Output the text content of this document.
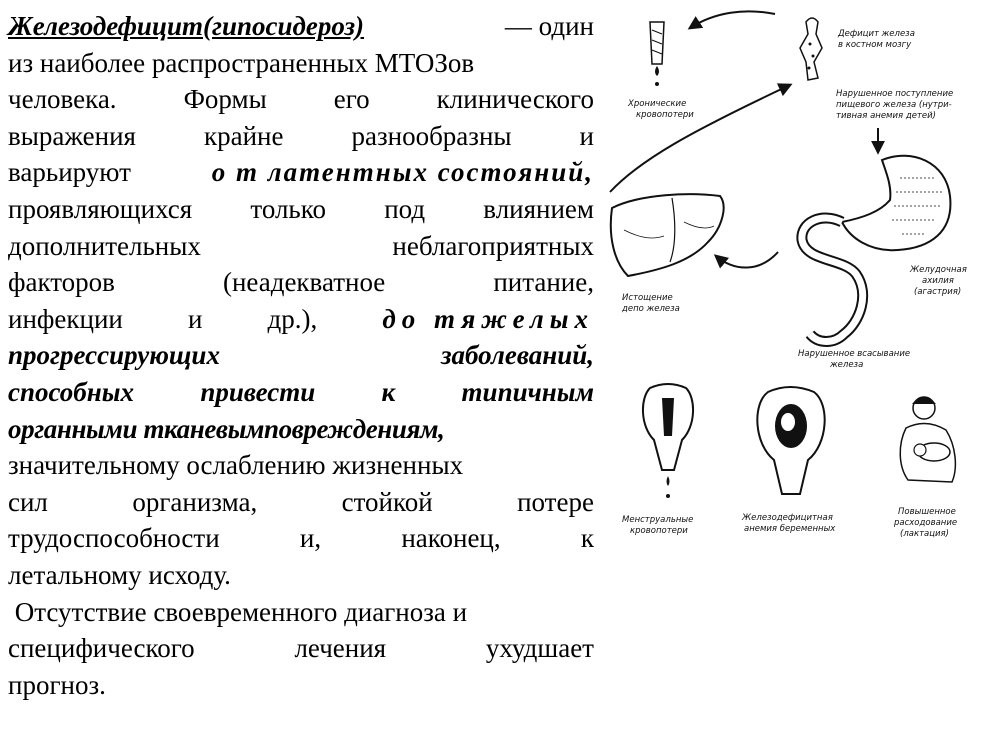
Железодефицит(гипосидероз)	— один
из наиболее распространенных МТОЗов
человека. Формы его клинического
выражения	крайне	разнообразны	и
варьируют	о т латентных состояний,
проявляющихся только под влиянием
дополнительных	неблагоприятных
факторов	(неадекватное	питание,
инфекции и др.), до тяжелых
прогрессирующих	заболеваний,
способных привести к типичным
органными тканевымповреждениям,
значительному ослаблению жизненных
сил	организма,	стойкой	потере
трудоспособности	и,	наконец,	к
летальному исходу.
Отсутствие своевременного диагноза и
специфического	лечения	ухудшает
прогноз.
Хронические кровопотери
Дефицит железа в костном мозгу
Нарушенное поступление пищевого железа (нутри- тивная анемия детей)
Истощение депо железа
Желудочная ахилия (агастрия)
Нарушенное всасывание железа
Менструальные кровопотери
Железодефицитная анемия беременных
Повышенное расходование (лактация)
